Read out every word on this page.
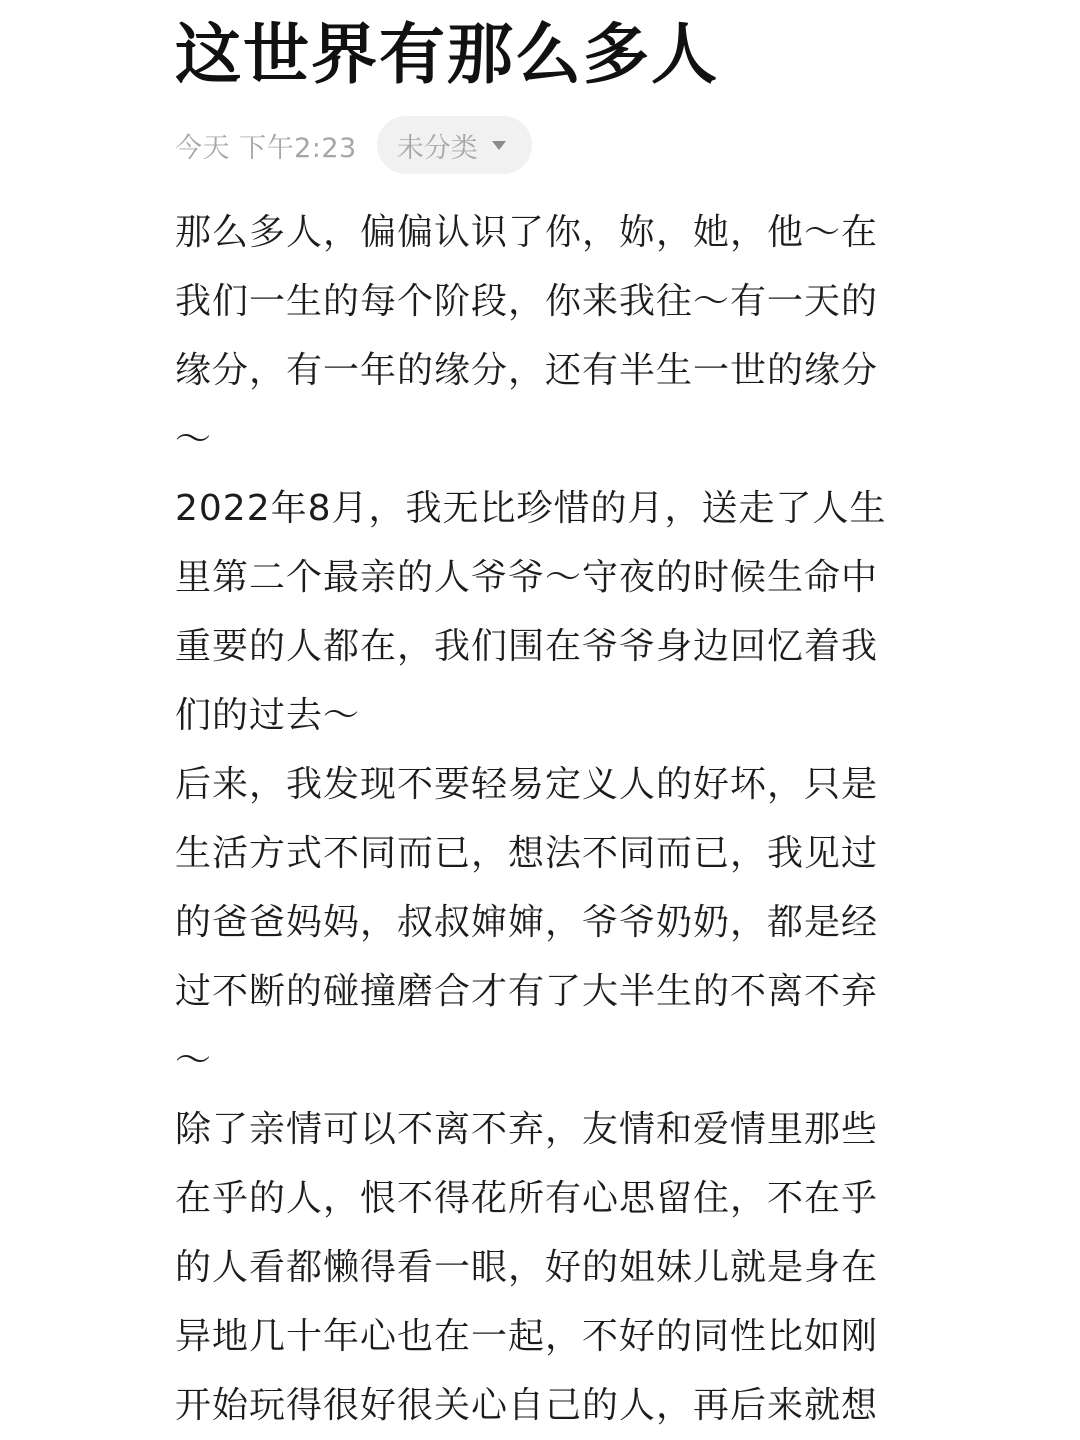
这世界有那么多人
今天 下午2:23 未分类

那么多人，偏偏认识了你，妳，她，他～在我们一生的每个阶段，你来我往～有一天的缘分，有一年的缘分，还有半生一世的缘分～

2022年8月，我无比珍惜的月，送走了人生里第二个最亲的人爷爷～守夜的时候生命中重要的人都在，我们围在爷爷身边回忆着我们的过去～

后来，我发现不要轻易定义人的好坏，只是生活方式不同而已，想法不同而已，我见过的爸爸妈妈，叔叔婶婶，爷爷奶奶，都是经过不断的碰撞磨合才有了大半生的不离不弃～

除了亲情可以不离不弃，友情和爱情里那些在乎的人，恨不得花所有心思留住，不在乎的人看都懒得看一眼，好的姐妹儿就是身在异地几十年心也在一起，不好的同性比如刚开始玩得很好很关心自己的人，再后来就想
